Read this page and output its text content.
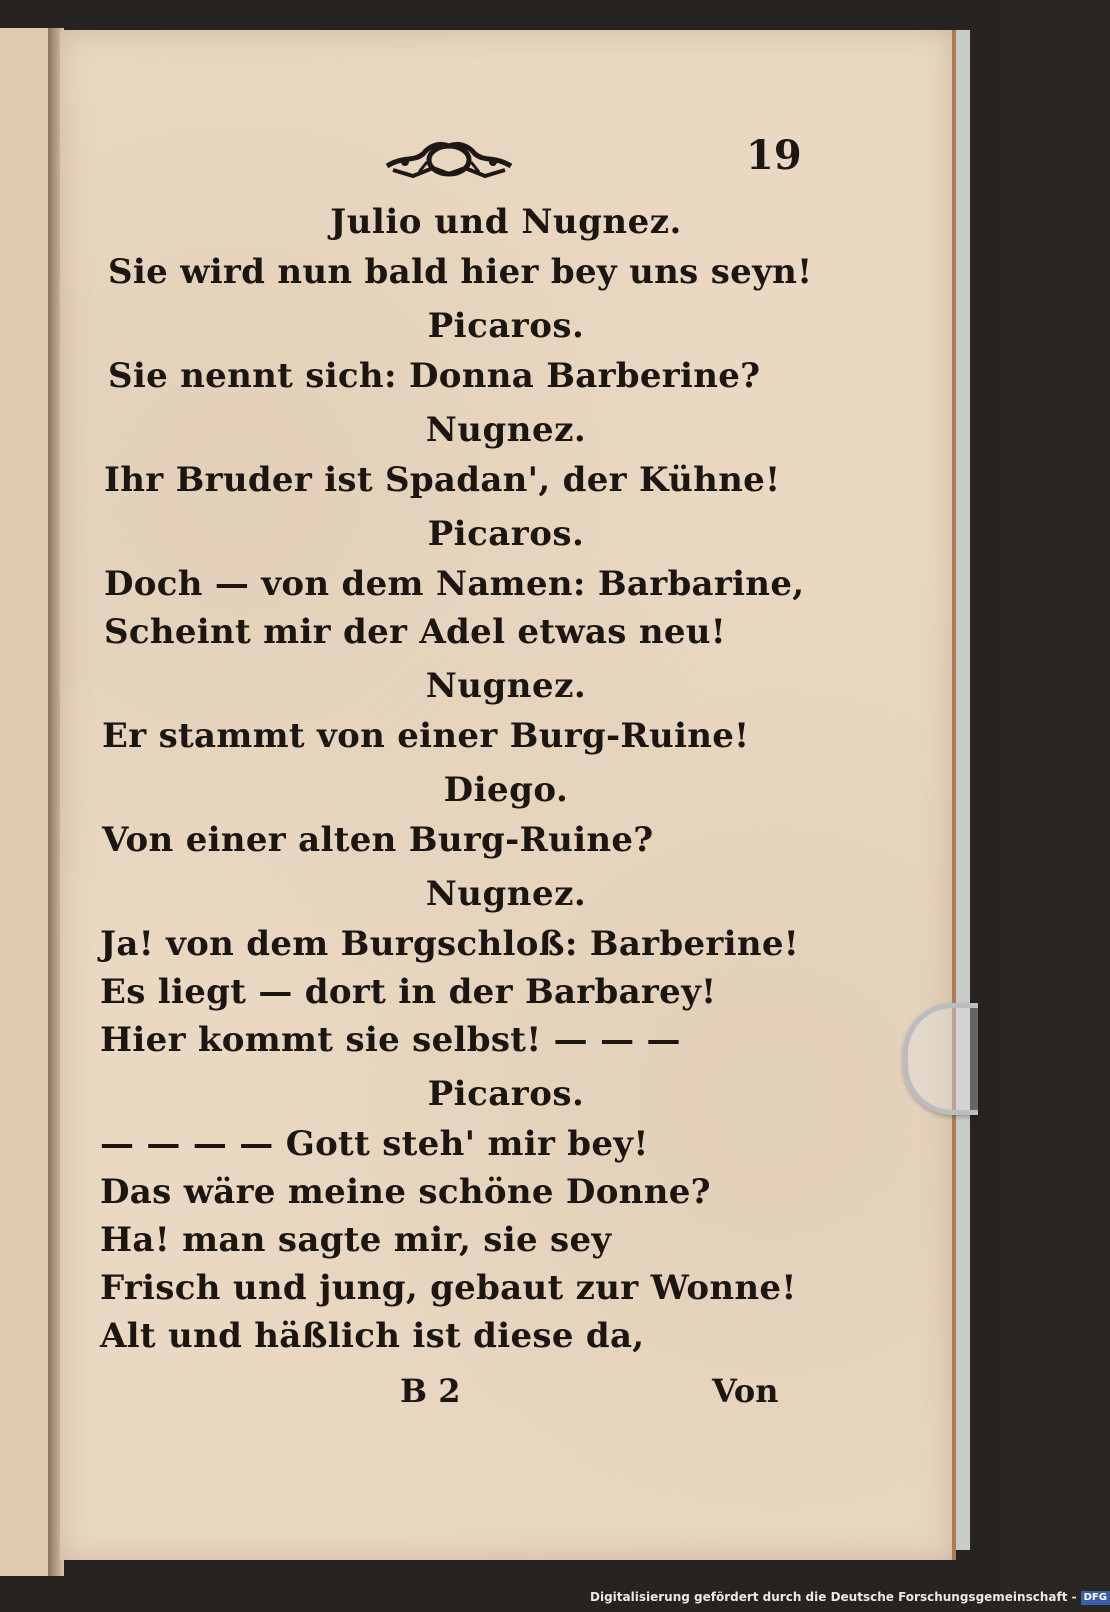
19

Julio und Nugnez.

Sie wird nun bald hier bey uns seyn!

Picaros.

Sie nennt sich: Donna Barberine?

Nugnez.

Ihr Bruder ist Spadan', der Kühne!

Picaros.

Doch — von dem Namen: Barbarine,

Scheint mir der Adel etwas neu!

Nugnez.

Er stammt von einer Burg-Ruine!

Diego.

Von einer alten Burg-Ruine?

Nugnez.

Ja! von dem Burgschloß: Barberine!

Es liegt — dort in der Barbarey!

Hier kommt sie selbst! — — —

Picaros.

— — — — Gott steh' mir bey!

Das wäre meine schöne Donne?

Ha! man sagte mir, sie sey

Frisch und jung, gebaut zur Wonne!

Alt und häßlich ist diese da,

B 2	Von
Digitalisierung gefördert durch die Deutsche Forschungsgemeinschaft - DFG
